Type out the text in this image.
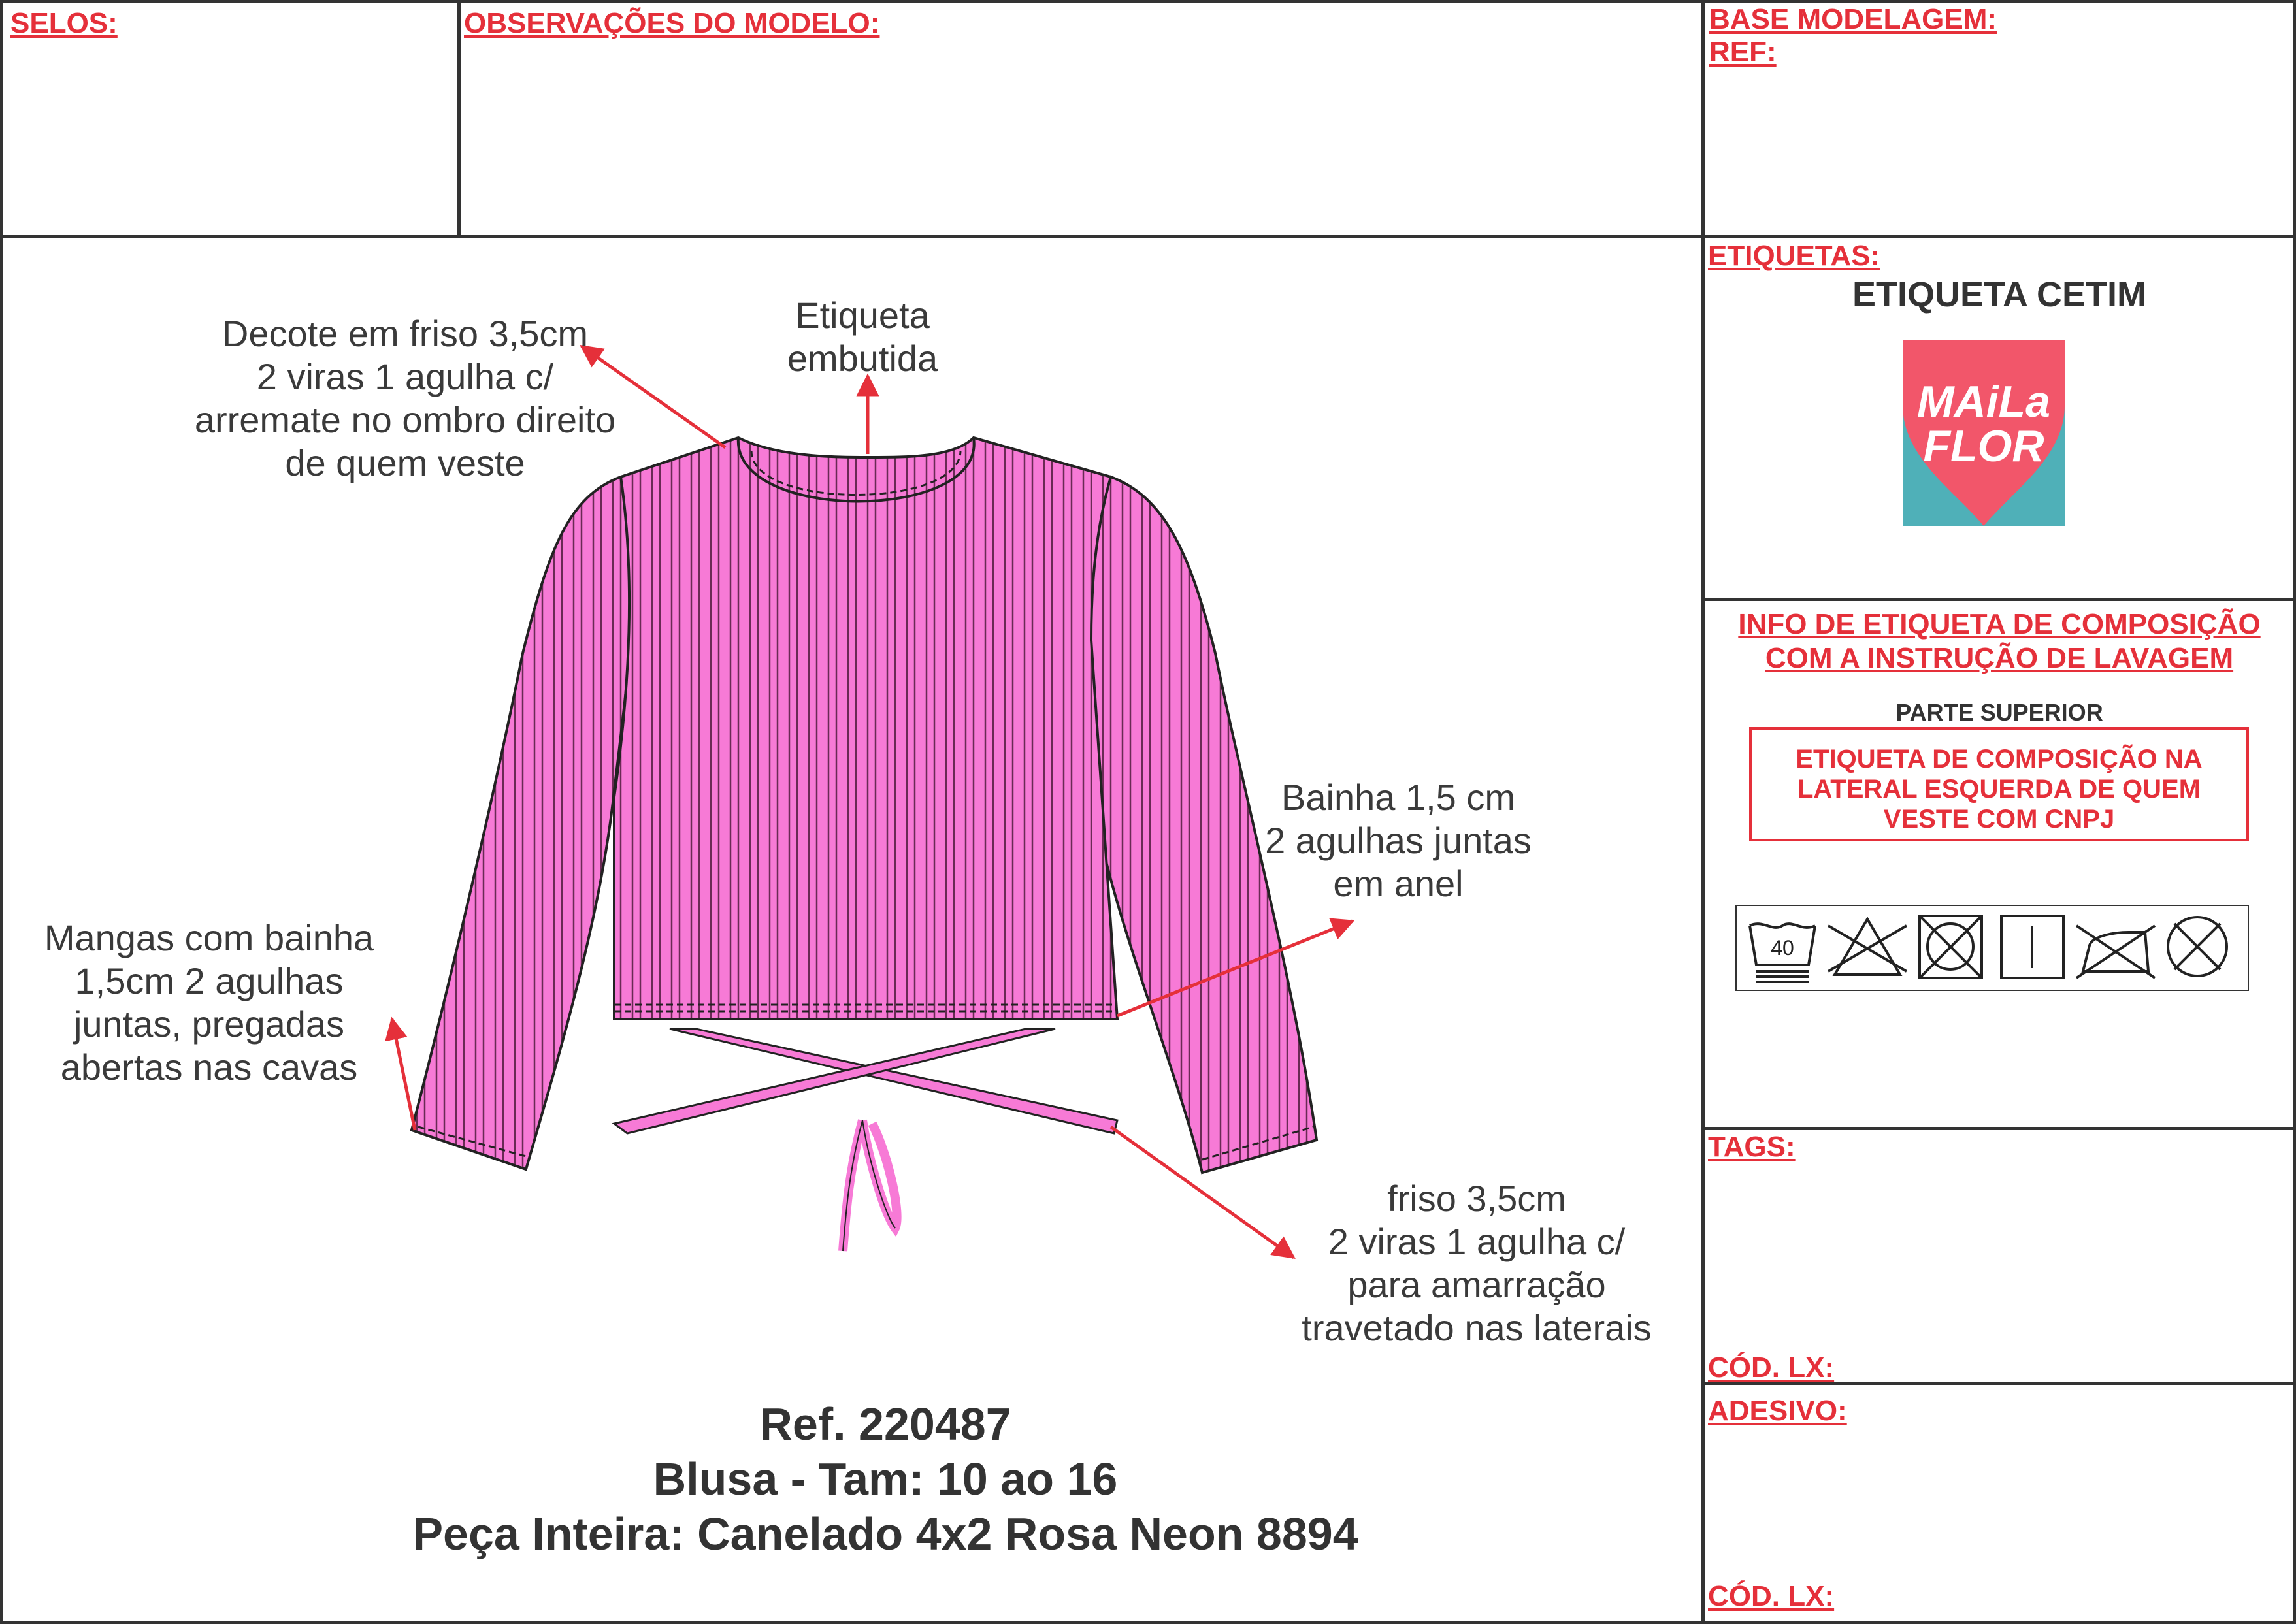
SELOS:	OBSERVAÇÕES DO MODELO:	BASE MODELAGEM:
REF:
Decote em friso 3,5cm
2 viras 1 agulha c/
arremate no ombro direito
de quem veste
Etiqueta
embutida
Bainha 1,5 cm
2 agulhas juntas
em anel
Mangas com bainha
1,5cm 2 agulhas
juntas, pregadas
abertas nas cavas
friso 3,5cm
2 viras 1 agulha c/
para amarração
travetado nas laterais
Ref. 220487
Blusa - Tam: 10 ao 16
Peça Inteira: Canelado 4x2 Rosa Neon 8894
ETIQUETAS:
ETIQUETA CETIM
MAiLa
FLOR
INFO DE ETIQUETA DE COMPOSIÇÃO
COM A INSTRUÇÃO DE LAVAGEM
PARTE SUPERIOR
ETIQUETA DE COMPOSIÇÃO NA
LATERAL ESQUERDA DE QUEM
VESTE COM CNPJ
40
TAGS:
CÓD. LX:
ADESIVO:
CÓD. LX:
